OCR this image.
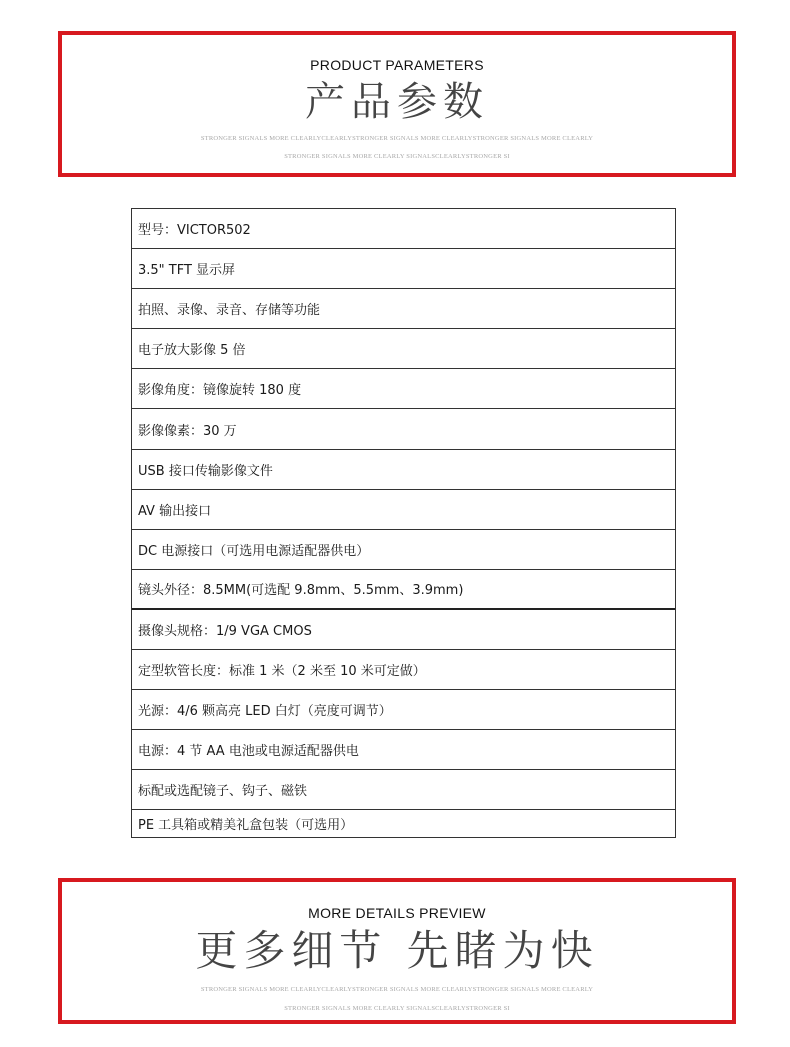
PRODUCT PARAMETERS
产品参数
STRONGER SIGNALS MORE CLEARLYCLEARLYSTRONGER SIGNALS MORE CLEARLYSTRONGER SIGNALS MORE CLEARLY
STRONGER SIGNALS MORE CLEARLY SIGNALSCLEARLYSTRONGER SI
型号：VICTOR502
3.5" TFT 显示屏
拍照、录像、录音、存储等功能
电子放大影像 5 倍
影像角度：镜像旋转 180 度
影像像素：30 万
USB 接口传输影像文件
AV 输出接口
DC 电源接口（可选用电源适配器供电）
镜头外径：8.5MM(可选配 9.8mm、5.5mm、3.9mm)
摄像头规格：1/9 VGA CMOS
定型软管长度：标准 1 米（2 米至 10 米可定做）
光源：4/6 颗高亮 LED 白灯（亮度可调节）
电源：4 节 AA 电池或电源适配器供电
标配或选配镜子、钩子、磁铁
PE 工具箱或精美礼盒包装（可选用）
MORE DETAILS PREVIEW
更多细节 先睹为快
STRONGER SIGNALS MORE CLEARLYCLEARLYSTRONGER SIGNALS MORE CLEARLYSTRONGER SIGNALS MORE CLEARLY
STRONGER SIGNALS MORE CLEARLY SIGNALSCLEARLYSTRONGER SI
